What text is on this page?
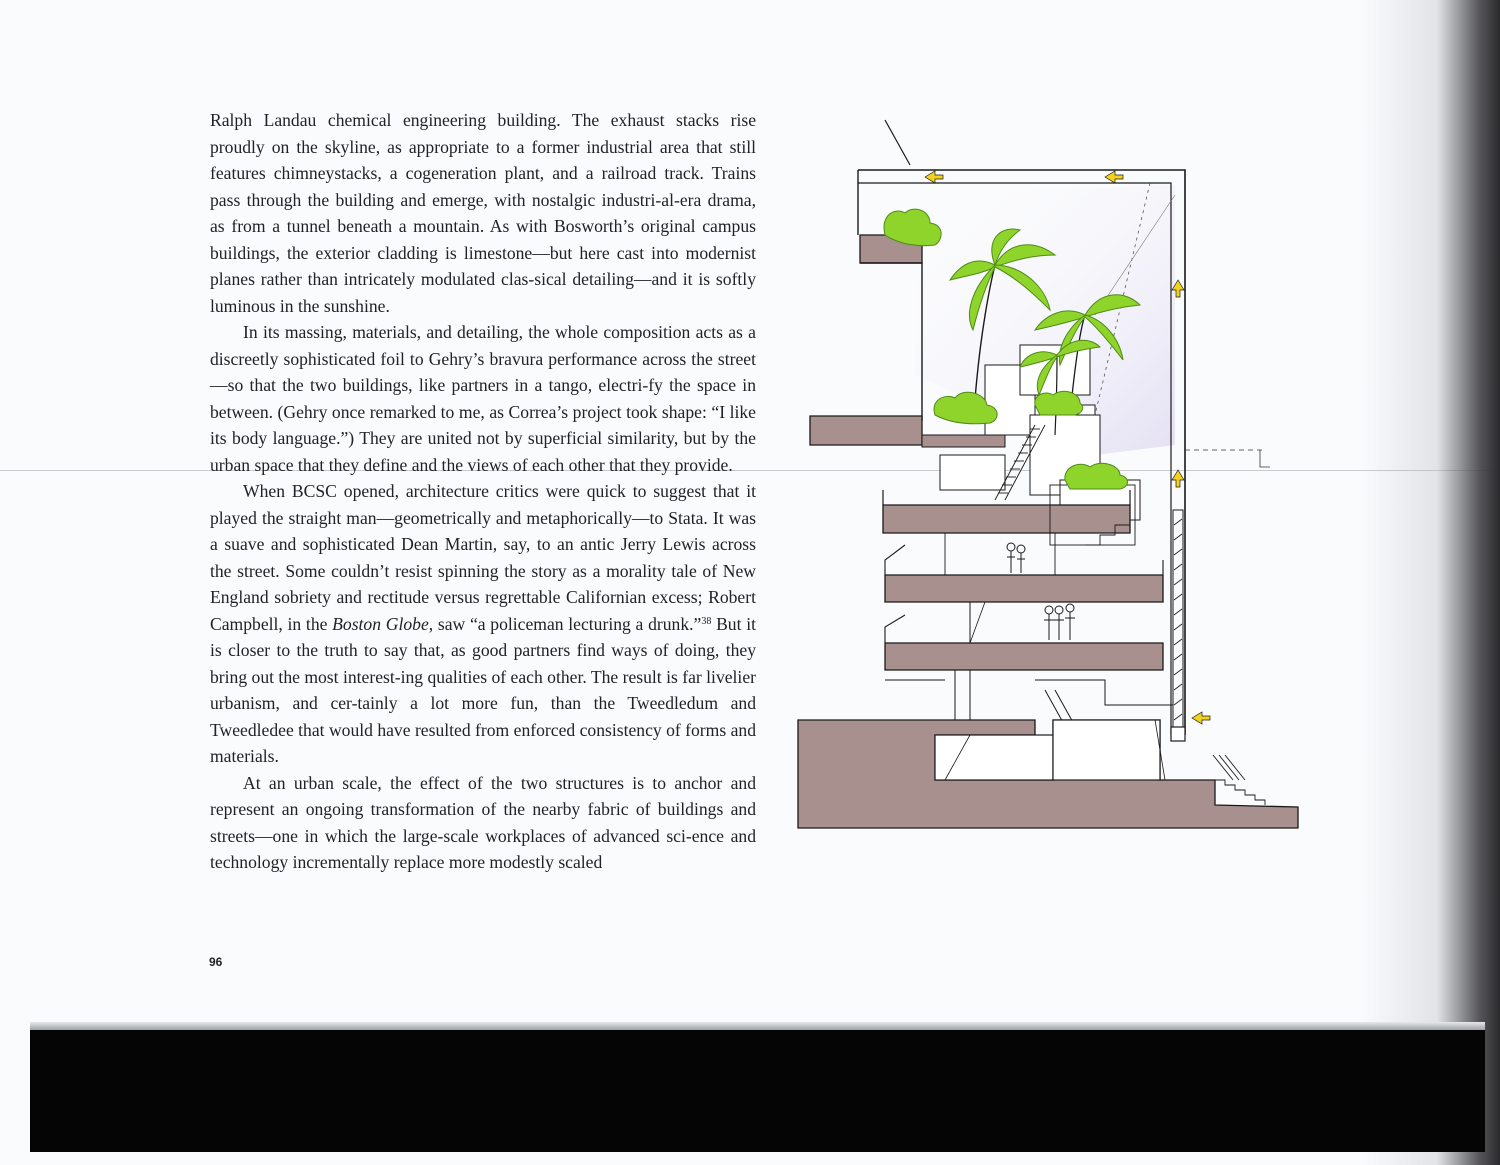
Ralph Landau chemical engineering building. The exhaust stacks rise proudly on the skyline, as appropriate to a former industrial area that still features chimneystacks, a cogeneration plant, and a railroad track. Trains pass through the building and emerge, with nostalgic industri-al-era drama, as from a tunnel beneath a mountain. As with Bosworth’s original campus buildings, the exterior cladding is limestone—but here cast into modernist planes rather than intricately modulated clas-sical detailing—and it is softly luminous in the sunshine.

In its massing, materials, and detailing, the whole composition acts as a discreetly sophisticated foil to Gehry’s bravura performance across the street—so that the two buildings, like partners in a tango, electri-fy the space in between. (Gehry once remarked to me, as Correa’s project took shape: “I like its body language.”) They are united not by superficial similarity, but by the urban space that they define and the views of each other that they provide.

When BCSC opened, architecture critics were quick to suggest that it played the straight man—geometrically and metaphorically—to Stata. It was a suave and sophisticated Dean Martin, say, to an antic Jerry Lewis across the street. Some couldn’t resist spinning the story as a morality tale of New England sobriety and rectitude versus regrettable Californian excess; Robert Campbell, in the Boston Globe, saw “a policeman lecturing a drunk.”$^{38}$ But it is closer to the truth to say that, as good partners find ways of doing, they bring out the most interest-ing qualities of each other. The result is far livelier urbanism, and cer-tainly a lot more fun, than the Tweedledum and Tweedledee that would have resulted from enforced consistency of forms and materials.

At an urban scale, the effect of the two structures is to anchor and represent an ongoing transformation of the nearby fabric of buildings and streets—one in which the large-scale workplaces of advanced sci-ence and technology incrementally replace more modestly scaled

96
